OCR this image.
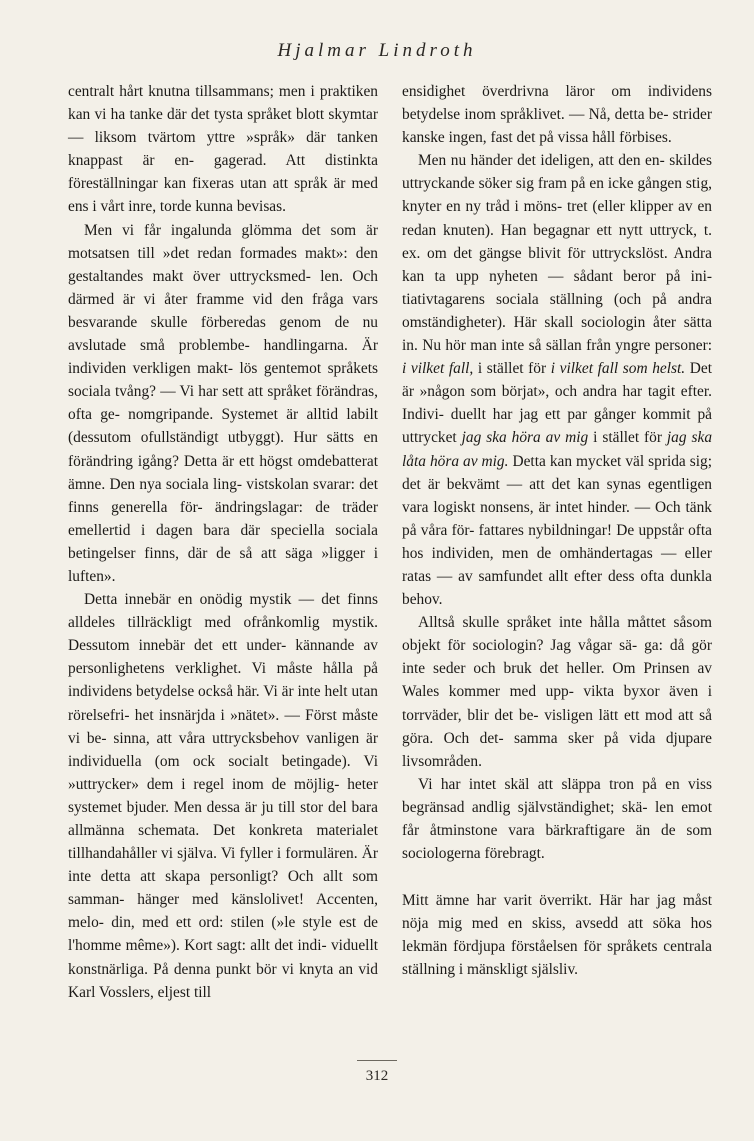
Hjalmar Lindroth

centralt hårt knutna tillsammans; men i praktiken kan vi ha tanke där det tysta språket blott skymtar — liksom tvärtom yttre »språk» där tanken knappast är en- gagerad. Att distinkta föreställningar kan fixeras utan att språk är med ens i vårt inre, torde kunna bevisas.

Men vi får ingalunda glömma det som är motsatsen till »det redan formades makt»: den gestaltandes makt över uttrycksmed- len. Och därmed är vi åter framme vid den fråga vars besvarande skulle förberedas genom de nu avslutade små problembe- handlingarna. Är individen verkligen makt- lös gentemot språkets sociala tvång? — Vi har sett att språket förändras, ofta ge- nomgripande. Systemet är alltid labilt (dessutom ofullständigt utbyggt). Hur sätts en förändring igång? Detta är ett högst omdebatterat ämne. Den nya sociala ling- vistskolan svarar: det finns generella för- ändringslagar: de träder emellertid i dagen bara där speciella sociala betingelser finns, där de så att säga »ligger i luften».

Detta innebär en onödig mystik — det finns alldeles tillräckligt med ofrånkomlig mystik. Dessutom innebär det ett under- kännande av personlighetens verklighet. Vi måste hålla på individens betydelse också här. Vi är inte helt utan rörelsefri- het insnärjda i »nätet». — Först måste vi be- sinna, att våra uttrycksbehov vanligen är individuella (om ock socialt betingade). Vi »uttrycker» dem i regel inom de möjlig- heter systemet bjuder. Men dessa är ju till stor del bara allmänna schemata. Det konkreta materialet tillhandahåller vi själva. Vi fyller i formulären. Är inte detta att skapa personligt? Och allt som samman- hänger med känslolivet! Accenten, melo- din, med ett ord: stilen (»le style est de l'homme même»). Kort sagt: allt det indi- viduellt konstnärliga. På denna punkt bör vi knyta an vid Karl Vosslers, eljest till

ensidighet överdrivna läror om individens betydelse inom språklivet. — Nå, detta be- strider kanske ingen, fast det på vissa håll förbises.

Men nu händer det ideligen, att den en- skildes uttryckande söker sig fram på en icke gången stig, knyter en ny tråd i möns- tret (eller klipper av en redan knuten). Han begagnar ett nytt uttryck, t. ex. om det gängse blivit för uttryckslöst. Andra kan ta upp nyheten — sådant beror på ini- tiativtagarens sociala ställning (och på andra omständigheter). Här skall sociologin åter sätta in. Nu hör man inte så sällan från yngre personer: i vilket fall, i stället för i vilket fall som helst. Det är »någon som börjat», och andra har tagit efter. Indivi- duellt har jag ett par gånger kommit på uttrycket jag ska höra av mig i stället för jag ska låta höra av mig. Detta kan mycket väl sprida sig; det är bekvämt — att det kan synas egentligen vara logiskt nonsens, är intet hinder. — Och tänk på våra för- fattares nybildningar! De uppstår ofta hos individen, men de omhändertagas — eller ratas — av samfundet allt efter dess ofta dunkla behov.

Alltså skulle språket inte hålla måttet såsom objekt för sociologin? Jag vågar sä- ga: då gör inte seder och bruk det heller. Om Prinsen av Wales kommer med upp- vikta byxor även i torrväder, blir det be- visligen lätt ett mod att så göra. Och det- samma sker på vida djupare livsområden.

Vi har intet skäl att släppa tron på en viss begränsad andlig självständighet; skä- len emot får åtminstone vara bärkraftigare än de som sociologerna förebragt.

Mitt ämne har varit överrikt. Här har jag måst nöja mig med en skiss, avsedd att söka hos lekmän fördjupa förståelsen för språkets centrala ställning i mänskligt själsliv.

312
